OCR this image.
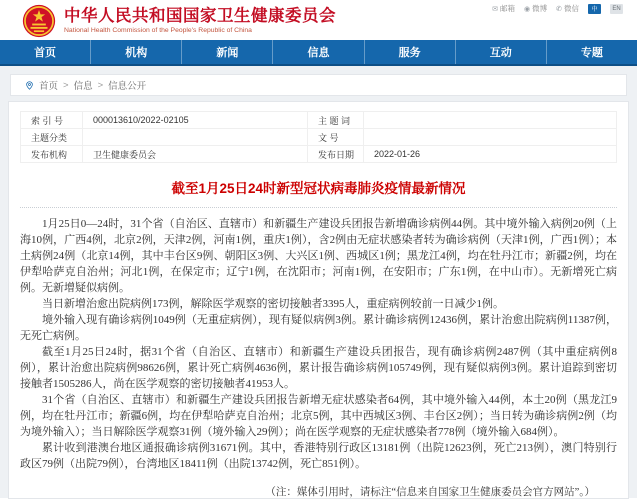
中华人民共和国国家卫生健康委员会
National Health Commission of the People's Republic of China
✉ 邮箱 ◉ 微博 ✆ 微信	中	EN
首页	机构	新闻	信息	服务	互动	专题
首页 > 信息 > 信息公开
索 引 号	000013610/2022-02105	主 题 词	
主题分类		文 号	
发布机构	卫生健康委员会	发布日期	2022-01-26
截至1月25日24时新型冠状病毒肺炎疫情最新情况

1月25日0—24时，31个省（自治区、直辖市）和新疆生产建设兵团报告新增确诊病例44例。其中境外输入病例20例（上海10例，广西4例，北京2例，天津2例，河南1例，重庆1例），含2例由无症状感染者转为确诊病例（天津1例，广西1例）；本土病例24例（北京14例，其中丰台区9例、朝阳区3例、大兴区1例、西城区1例；黑龙江4例，均在牡丹江市；新疆2例，均在伊犁哈萨克自治州；河北1例，在保定市；辽宁1例，在沈阳市；河南1例，在安阳市；广东1例，在中山市）。无新增死亡病例。无新增疑似病例。

当日新增治愈出院病例173例，解除医学观察的密切接触者3395人，重症病例较前一日减少1例。

境外输入现有确诊病例1049例（无重症病例），现有疑似病例3例。累计确诊病例12436例，累计治愈出院病例11387例，无死亡病例。

截至1月25日24时，据31个省（自治区、直辖市）和新疆生产建设兵团报告，现有确诊病例2487例（其中重症病例8例），累计治愈出院病例98626例，累计死亡病例4636例，累计报告确诊病例105749例，现有疑似病例3例。累计追踪到密切接触者1505286人，尚在医学观察的密切接触者41953人。

31个省（自治区、直辖市）和新疆生产建设兵团报告新增无症状感染者64例，其中境外输入44例，本土20例（黑龙江9例，均在牡丹江市；新疆6例，均在伊犁哈萨克自治州；北京5例，其中西城区3例、丰台区2例）；当日转为确诊病例2例（均为境外输入）；当日解除医学观察31例（境外输入29例）；尚在医学观察的无症状感染者778例（境外输入684例）。

累计收到港澳台地区通报确诊病例31671例。其中，香港特别行政区13181例（出院12623例，死亡213例），澳门特别行政区79例（出院79例），台湾地区18411例（出院13742例，死亡851例）。

（注：媒体引用时，请标注“信息来自国家卫生健康委员会官方网站”。）
